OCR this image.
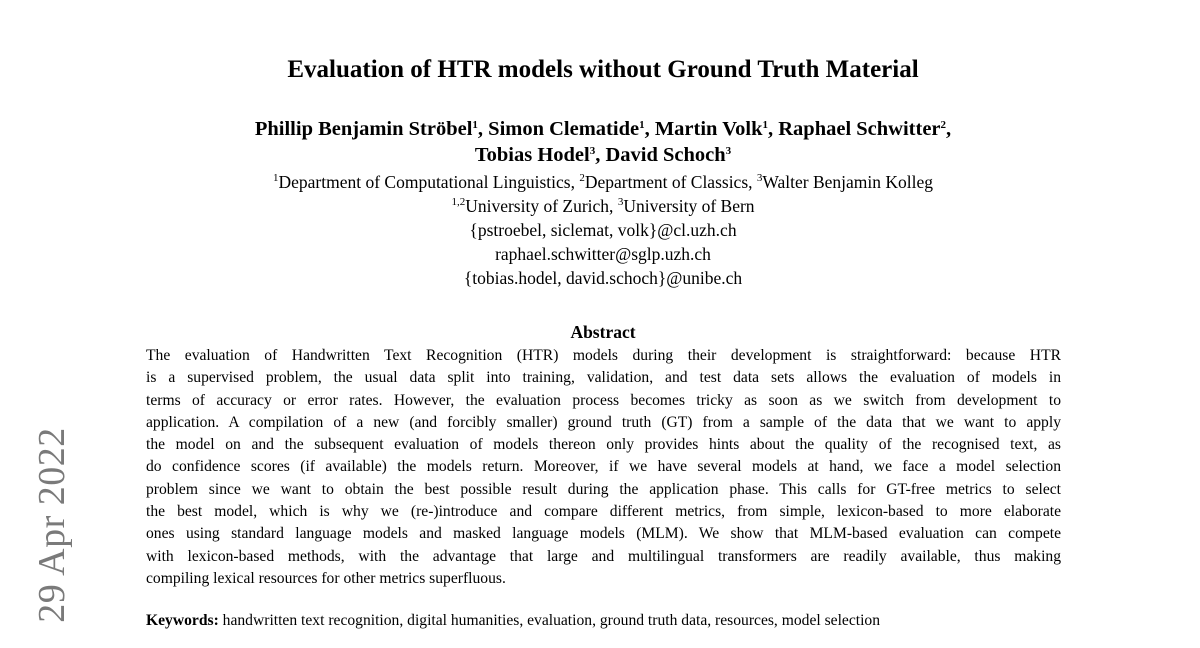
29 Apr 2022
Evaluation of HTR models without Ground Truth Material
Phillip Benjamin Ströbel$^1$, Simon Clematide$^1$, Martin Volk$^1$, Raphael Schwitter$^2$,
Tobias Hodel$^3$, David Schoch$^3$
$^1$Department of Computational Linguistics, $^2$Department of Classics, $^3$Walter Benjamin Kolleg
$^{1,2}$University of Zurich, $^3$University of Bern
{pstroebel, siclemat, volk}@cl.uzh.ch
raphael.schwitter@sglp.uzh.ch
{tobias.hodel, david.schoch}@unibe.ch
Abstract
The evaluation of Handwritten Text Recognition (HTR) models during their development is straightforward: because HTR
is a supervised problem, the usual data split into training, validation, and test data sets allows the evaluation of models in
terms of accuracy or error rates. However, the evaluation process becomes tricky as soon as we switch from development to
application. A compilation of a new (and forcibly smaller) ground truth (GT) from a sample of the data that we want to apply
the model on and the subsequent evaluation of models thereon only provides hints about the quality of the recognised text, as
do confidence scores (if available) the models return. Moreover, if we have several models at hand, we face a model selection
problem since we want to obtain the best possible result during the application phase. This calls for GT-free metrics to select
the best model, which is why we (re-)introduce and compare different metrics, from simple, lexicon-based to more elaborate
ones using standard language models and masked language models (MLM). We show that MLM-based evaluation can compete
with lexicon-based methods, with the advantage that large and multilingual transformers are readily available, thus making
compiling lexical resources for other metrics superfluous.
Keywords: handwritten text recognition, digital humanities, evaluation, ground truth data, resources, model selection
